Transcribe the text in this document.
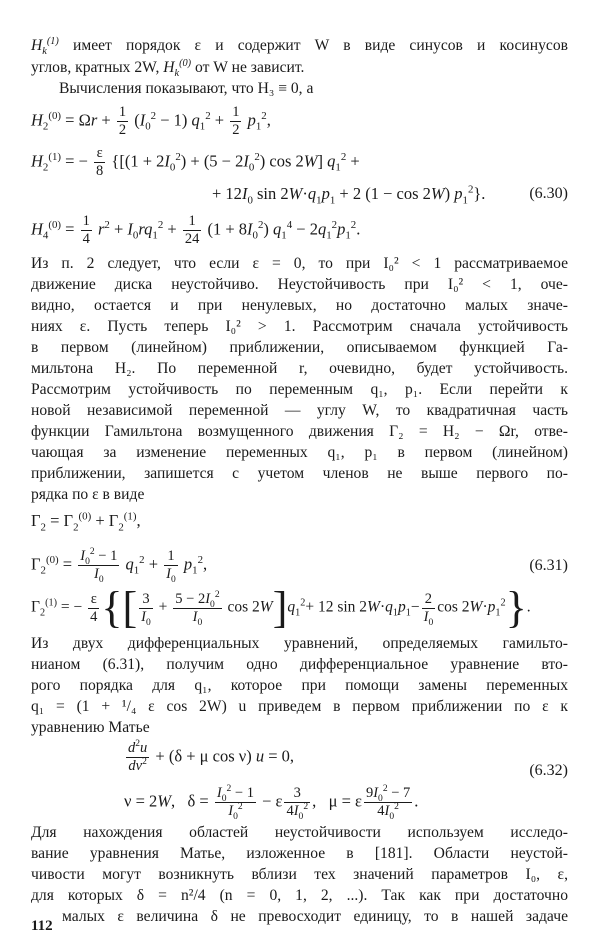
$H_k^{(1)}$ имеет порядок ε и содержит W в виде синусов и косинусов
углов, кратных 2W, $H_k^{(0)}$ от W не зависит.
Вычисления показывают, что H₃ ≡ 0, а
$H_2^{(0)} = \Omega r + \frac{1}{2} (I_0^2 - 1) q_1^2 + \frac{1}{2} p_1^2$,
$H_2^{(1)}$ = − $\frac{\varepsilon}{8} \{[(1 + 2I_0^2) + (5 - 2I_0^2)$ cos 2W] $q_1^2$ +
+ $12I_0$ $\sin 2W\cdot q_1p_1 + 2$ (1 − cos 2W) $p_1^2$}.	(6.30)
$H_4^{(0)} = \frac{1}{4} r^2 + I_0rq_1^2 + \frac{1}{24} (1 + 8I_0^2) q_1^4 - 2q_1^2p_1^2$.
Из п. 2 следует, что если ε = 0, то при I₀² < 1 рассматриваемое
движение диска неустойчиво. Неустойчивость при I₀² < 1, оче-
видно, остается и при ненулевых, но достаточно малых значе-
ниях ε. Пусть теперь I₀² > 1. Рассмотрим сначала устойчивость
в первом (линейном) приближении, описываемом функцией Га-
мильтона H₂. По переменной r, очевидно, будет устойчивость.
Рассмотрим устойчивость по переменным q₁, p₁. Если перейти к
новой независимой переменной — углу W, то квадратичная часть
функции Гамильтона возмущенного движения Γ₂ = H₂ − Ωr, отве-
чающая за изменение переменных q₁, p₁ в первом (линейном)
приближении, запишется с учетом членов не выше первого по-
рядка по ε в виде
$\Gamma_2 = \Gamma_2^{(0)} + \Gamma_2^{(1)}$,
$\Gamma_2^{(0)} = \frac{I_0^2 - 1}{I_0} q_1^2 + \frac{1}{I_0} p_1^2$,	(6.31)
$\Gamma_2^{(1)}$ = − $\frac{\varepsilon}{4}$ {[ $\frac{3}{I_0} + \frac{5 - 2I_0^2}{I_0}$ $\cos 2W]q_1^2+ 12$ $\sin 2W\cdot q_1p_1- \frac{2}{I_0}$ $\cos 2W\cdot p_1^2$}.
Из двух дифференциальных уравнений, определяемых гамильто-
нианом (6.31), получим одно дифференциальное уравнение вто-
рого порядка для q₁, которое при помощи замены переменных
q₁ = (1 + ¹/₄ ε cos 2W) u приведем в первом приближении по ε к
уравнению Матье
$\frac{d^2u}{d\nu^2} + (\delta + \mu$ cos ν) u = 0,
ν = 2W,   $\delta = \frac{I_0^2 - 1}{I_0^2} - \varepsilon \frac{3}{4I_0^2}$ ,   μ = ε $\frac{9I_0^2 - 7}{4I_0^2}$ .
(6.32)
Для нахождения областей неустойчивости используем исследо-
вание уравнения Матье, изложенное в [181]. Области неустой-
чивости могут возникнуть вблизи тех значений параметров I₀, ε,
для которых δ = n²/4 (n = 0, 1, 2, ...). Так как при достаточно
малых ε величина δ не превосходит единицу, то в нашей задаче
112
